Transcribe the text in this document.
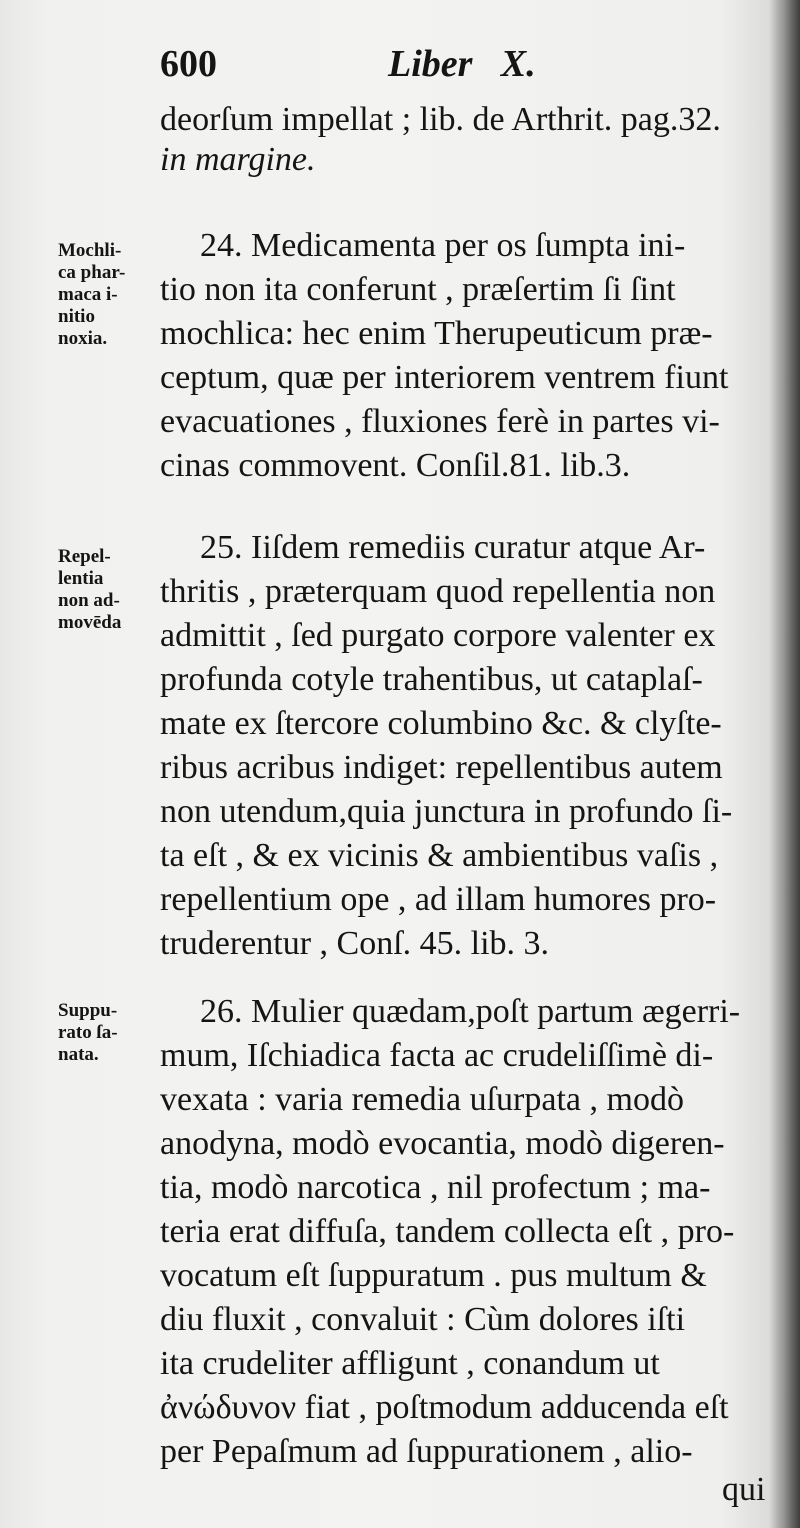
600	Liber   X.
deorſum impellat ; lib. de Arthrit. pag.32.
in margine.
Mochli-
ca phar-
maca i-
nitio
noxia.
24. Medicamenta per os ſumpta ini-
tio non ita conferunt , præſertim ſi ſint
mochlica: hec enim Therupeuticum præ-
ceptum, quæ per interiorem ventrem fiunt
evacuationes , fluxiones ferè in partes vi-
cinas commovent. Conſil.81. lib.3.
Repel-
lentia
non ad-
movēda
25. Iiſdem remediis curatur atque Ar-
thritis , præterquam quod repellentia non
admittit , ſed purgato corpore valenter ex
profunda cotyle trahentibus, ut cataplaſ-
mate ex ſtercore columbino &c. & clyſte-
ribus acribus indiget: repellentibus autem
non utendum,quia junctura in profundo ſi-
ta eſt , & ex vicinis & ambientibus vaſis ,
repellentium ope , ad illam humores pro-
truderentur , Conſ. 45. lib. 3.
Suppu-
rato ſa-
nata.
26. Mulier quædam,poſt partum ægerri-
mum, Iſchiadica facta ac crudeliſſimè di-
vexata : varia remedia uſurpata , modò
anodyna, modò evocantia, modò digeren-
tia, modò narcotica , nil profectum ; ma-
teria erat diffuſa, tandem collecta eſt , pro-
vocatum eſt ſuppuratum . pus multum &
diu fluxit , convaluit : Cùm dolores iſti
ita crudeliter affligunt , conandum ut
ἀνώδυνον fiat , poſtmodum adducenda eſt
per Pepaſmum ad ſuppurationem , alio-
qui
